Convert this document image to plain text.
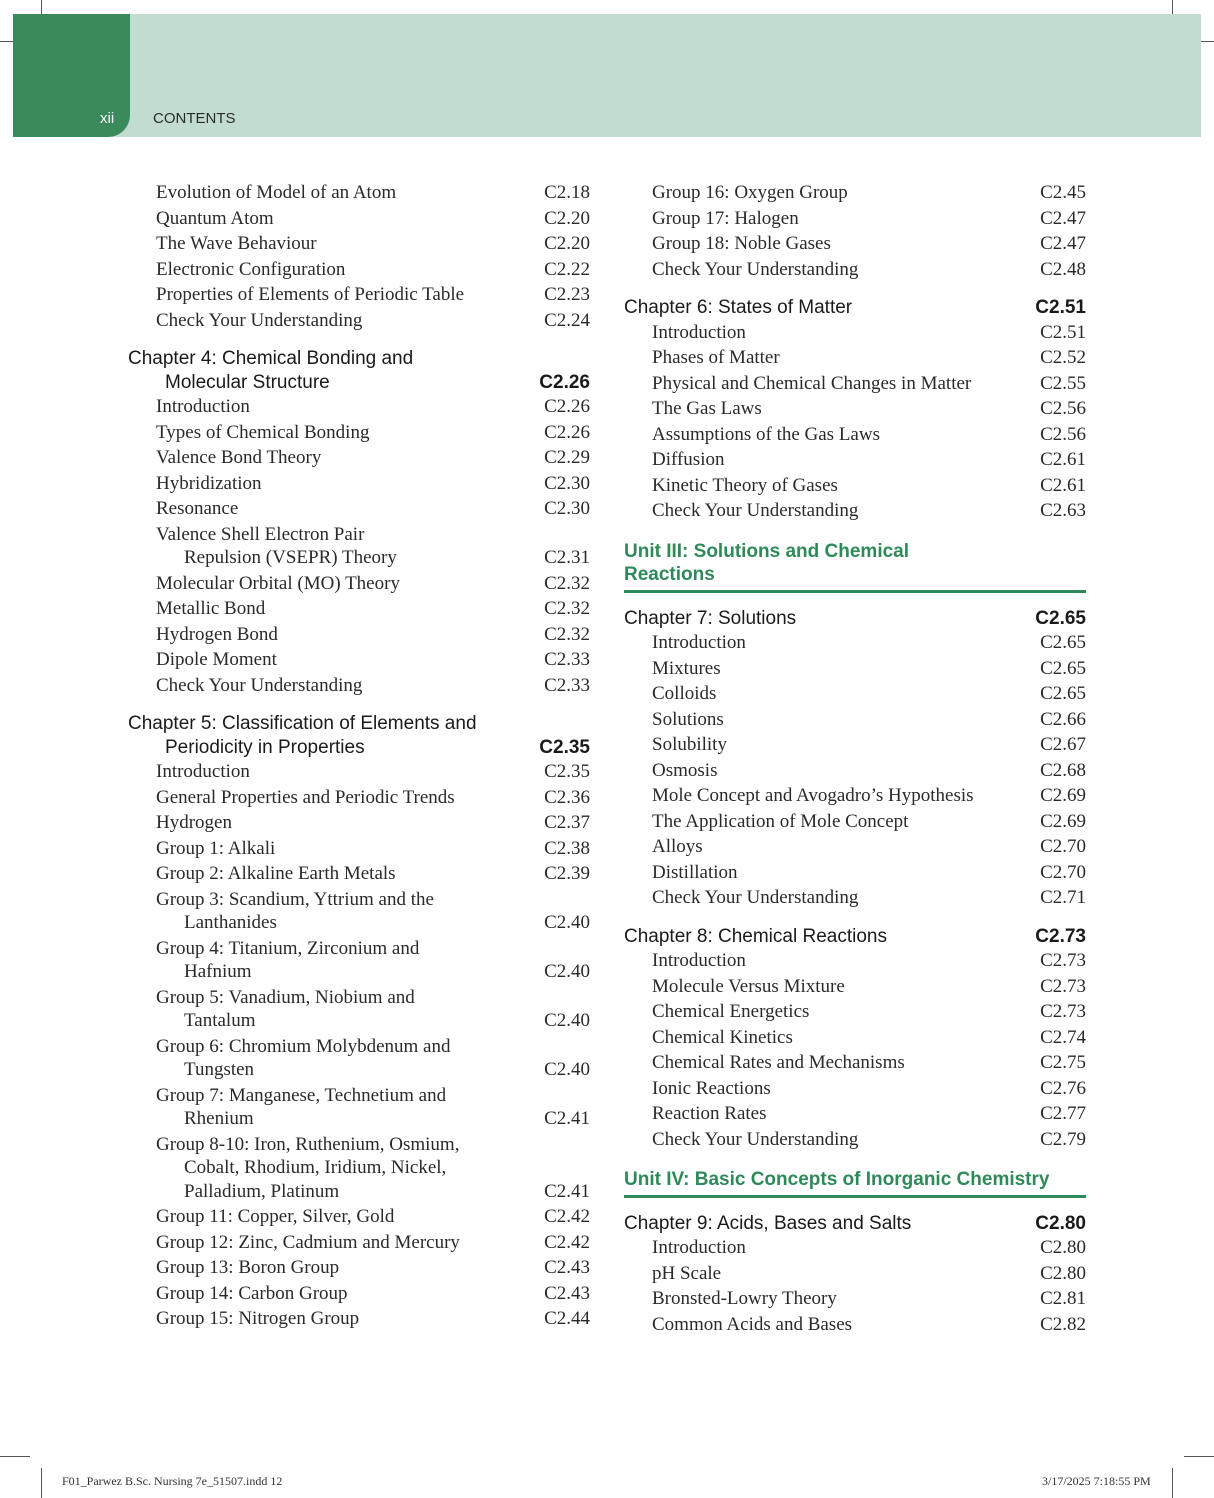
xii	CONTENTS
Evolution of Model of an Atom	C2.18
Quantum Atom	C2.20
The Wave Behaviour	C2.20
Electronic Configuration	C2.22
Properties of Elements of Periodic Table	C2.23
Check Your Understanding	C2.24
Chapter 4: Chemical Bonding and
Molecular Structure	C2.26
Introduction	C2.26
Types of Chemical Bonding	C2.26
Valence Bond Theory	C2.29
Hybridization	C2.30
Resonance	C2.30
Valence Shell Electron Pair
Repulsion (VSEPR) Theory	C2.31
Molecular Orbital (MO) Theory	C2.32
Metallic Bond	C2.32
Hydrogen Bond	C2.32
Dipole Moment	C2.33
Check Your Understanding	C2.33
Chapter 5: Classification of Elements and
Periodicity in Properties	C2.35
Introduction	C2.35
General Properties and Periodic Trends	C2.36
Hydrogen	C2.37
Group 1: Alkali	C2.38
Group 2: Alkaline Earth Metals	C2.39
Group 3: Scandium, Yttrium and the
Lanthanides	C2.40
Group 4: Titanium, Zirconium and
Hafnium	C2.40
Group 5: Vanadium, Niobium and
Tantalum	C2.40
Group 6: Chromium Molybdenum and
Tungsten	C2.40
Group 7: Manganese, Technetium and
Rhenium	C2.41
Group 8-10: Iron, Ruthenium, Osmium,
Cobalt, Rhodium, Iridium, Nickel,
Palladium, Platinum	C2.41
Group 11: Copper, Silver, Gold	C2.42
Group 12: Zinc, Cadmium and Mercury	C2.42
Group 13: Boron Group	C2.43
Group 14: Carbon Group	C2.43
Group 15: Nitrogen Group	C2.44
Group 16: Oxygen Group	C2.45
Group 17: Halogen	C2.47
Group 18: Noble Gases	C2.47
Check Your Understanding	C2.48
Chapter 6: States of Matter	C2.51
Introduction	C2.51
Phases of Matter	C2.52
Physical and Chemical Changes in Matter	C2.55
The Gas Laws	C2.56
Assumptions of the Gas Laws	C2.56
Diffusion	C2.61
Kinetic Theory of Gases	C2.61
Check Your Understanding	C2.63
Unit III: Solutions and Chemical
Reactions
Chapter 7: Solutions	C2.65
Introduction	C2.65
Mixtures	C2.65
Colloids	C2.65
Solutions	C2.66
Solubility	C2.67
Osmosis	C2.68
Mole Concept and Avogadro’s Hypothesis	C2.69
The Application of Mole Concept	C2.69
Alloys	C2.70
Distillation	C2.70
Check Your Understanding	C2.71
Chapter 8: Chemical Reactions	C2.73
Introduction	C2.73
Molecule Versus Mixture	C2.73
Chemical Energetics	C2.73
Chemical Kinetics	C2.74
Chemical Rates and Mechanisms	C2.75
Ionic Reactions	C2.76
Reaction Rates	C2.77
Check Your Understanding	C2.79
Unit IV: Basic Concepts of Inorganic Chemistry
Chapter 9: Acids, Bases and Salts	C2.80
Introduction	C2.80
pH Scale	C2.80
Bronsted-Lowry Theory	C2.81
Common Acids and Bases	C2.82
F01_Parwez B.Sc. Nursing 7e_51507.indd 12	3/17/2025 7:18:55 PM
